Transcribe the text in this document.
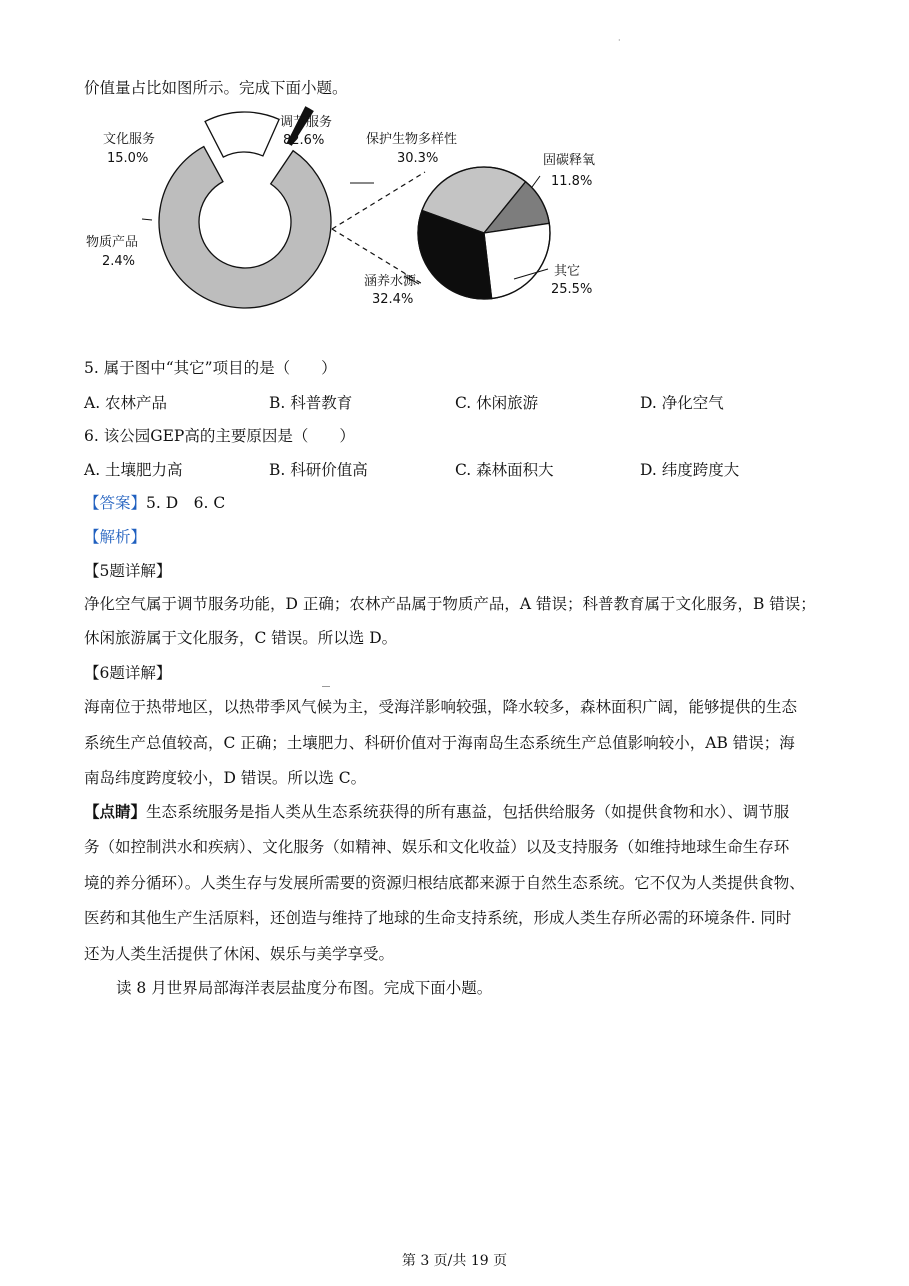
·
价值量占比如图所示。完成下面小题。
调节服务
82.6%
文化服务
15.0%
物质产品
2.4%
保护生物多样性
30.3%	固碳释氧
11.8%
其它
25.5%
涵养水源
32.4%
5. 属于图中“其它”项目的是（　　）
A. 农林产品	B. 科普教育	C. 休闲旅游	D. 净化空气
6. 该公园GEP高的主要原因是（　　）
A. 土壤肥力高	B. 科研价值高	C. 森林面积大	D. 纬度跨度大
【答案】5. D　6. C
【解析】
【5题详解】
净化空气属于调节服务功能，D 正确；农林产品属于物质产品，A 错误；科普教育属于文化服务，B 错误；
休闲旅游属于文化服务，C 错误。所以选 D。
【6题详解】
海南位于热带地区，以热带季风气候为主，受海洋影响较强，降水较多，森林面积广阔，能够提供的生态
系统生产总值较高，C 正确；土壤肥力、科研价值对于海南岛生态系统生产总值影响较小，AB 错误；海
南岛纬度跨度较小，D 错误。所以选 C。
【点睛】生态系统服务是指人类从生态系统获得的所有惠益，包括供给服务（如提供食物和水）、调节服
务（如控制洪水和疾病）、文化服务（如精神、娱乐和文化收益）以及支持服务（如维持地球生命生存环
境的养分循环）。人类生存与发展所需要的资源归根结底都来源于自然生态系统。它不仅为人类提供食物、
医药和其他生产生活原料，还创造与维持了地球的生命支持系统，形成人类生存所必需的环境条件. 同时
还为人类生活提供了休闲、娱乐与美学享受。
读 8 月世界局部海洋表层盐度分布图。完成下面小题。
第 3 页/共 19 页
